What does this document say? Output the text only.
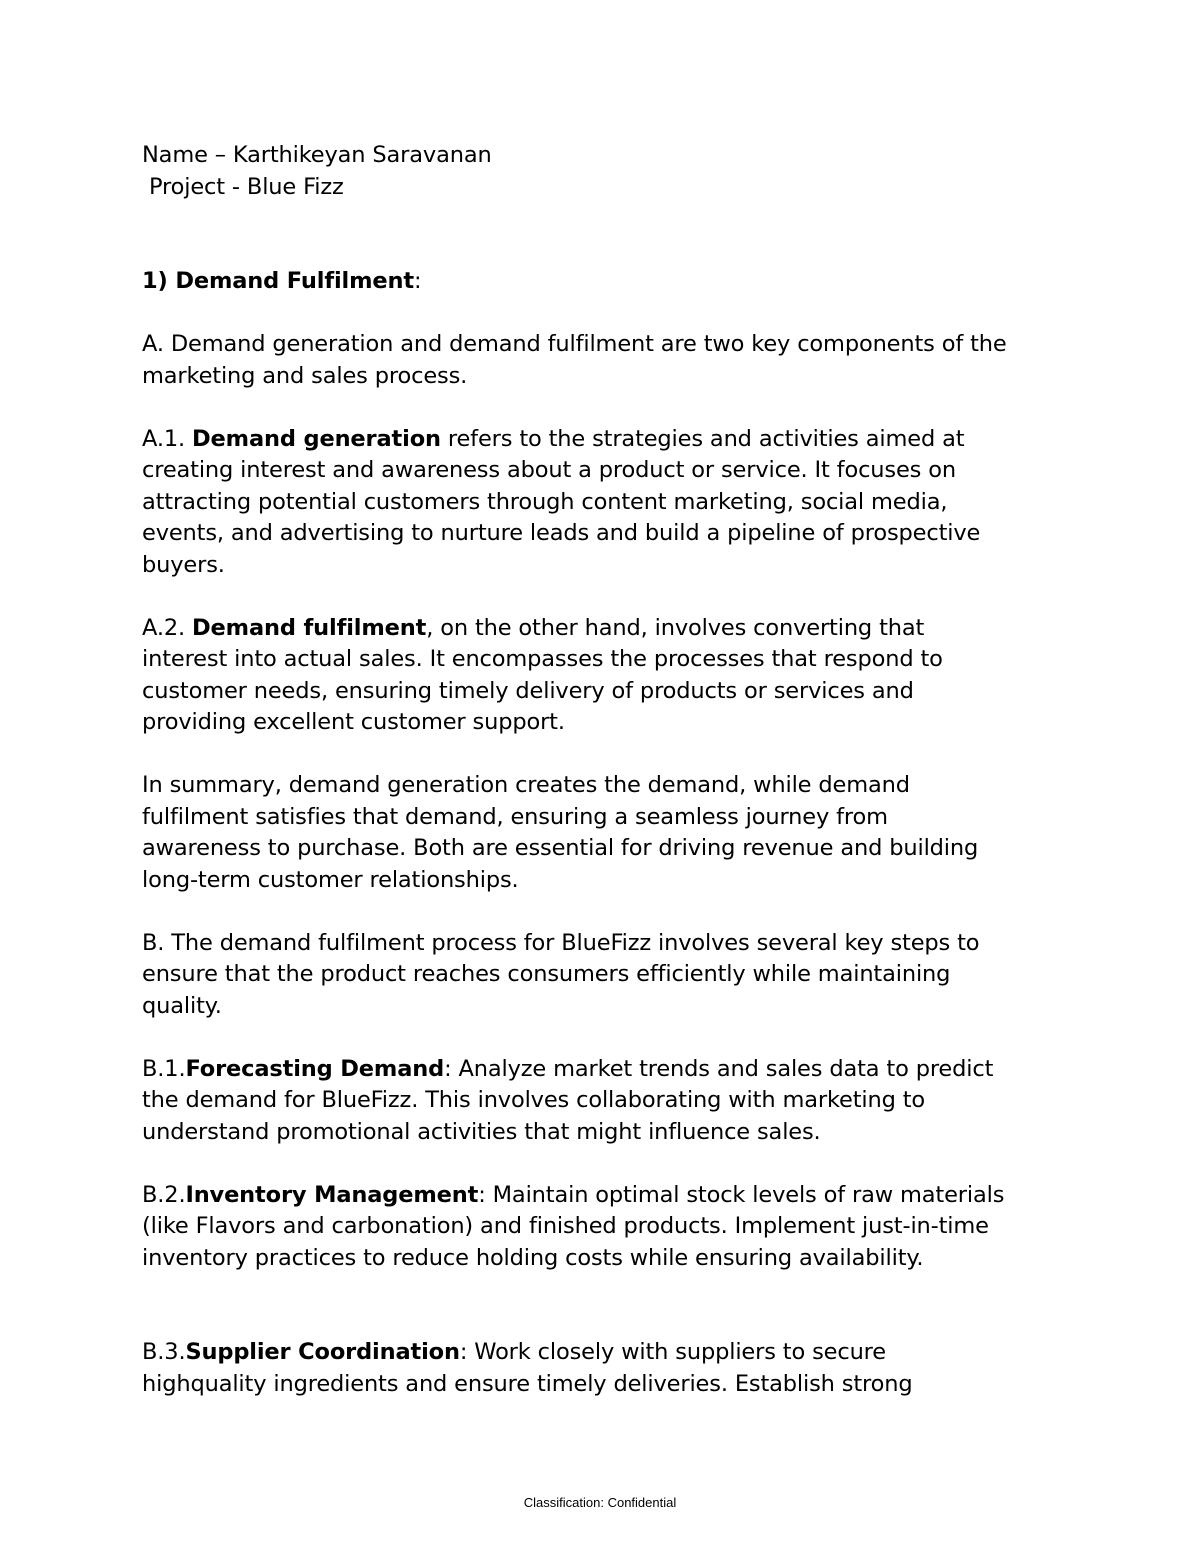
Name – Karthikeyan Saravanan
Project - Blue Fizz
1) Demand Fulfilment:
A. Demand generation and demand fulfilment are two key components of the
marketing and sales process.
A.1. Demand generation refers to the strategies and activities aimed at
creating interest and awareness about a product or service. It focuses on
attracting potential customers through content marketing, social media,
events, and advertising to nurture leads and build a pipeline of prospective
buyers.
A.2. Demand fulfilment, on the other hand, involves converting that
interest into actual sales. It encompasses the processes that respond to
customer needs, ensuring timely delivery of products or services and
providing excellent customer support.
In summary, demand generation creates the demand, while demand
fulfilment satisfies that demand, ensuring a seamless journey from
awareness to purchase. Both are essential for driving revenue and building
long-term customer relationships.
B. The demand fulfilment process for BlueFizz involves several key steps to
ensure that the product reaches consumers efficiently while maintaining
quality.
B.1.Forecasting Demand: Analyze market trends and sales data to predict
the demand for BlueFizz. This involves collaborating with marketing to
understand promotional activities that might influence sales.
B.2.Inventory Management: Maintain optimal stock levels of raw materials
(like Flavors and carbonation) and finished products. Implement just-in-time
inventory practices to reduce holding costs while ensuring availability.
B.3.Supplier Coordination: Work closely with suppliers to secure
highquality ingredients and ensure timely deliveries. Establish strong
Classification: Confidential
